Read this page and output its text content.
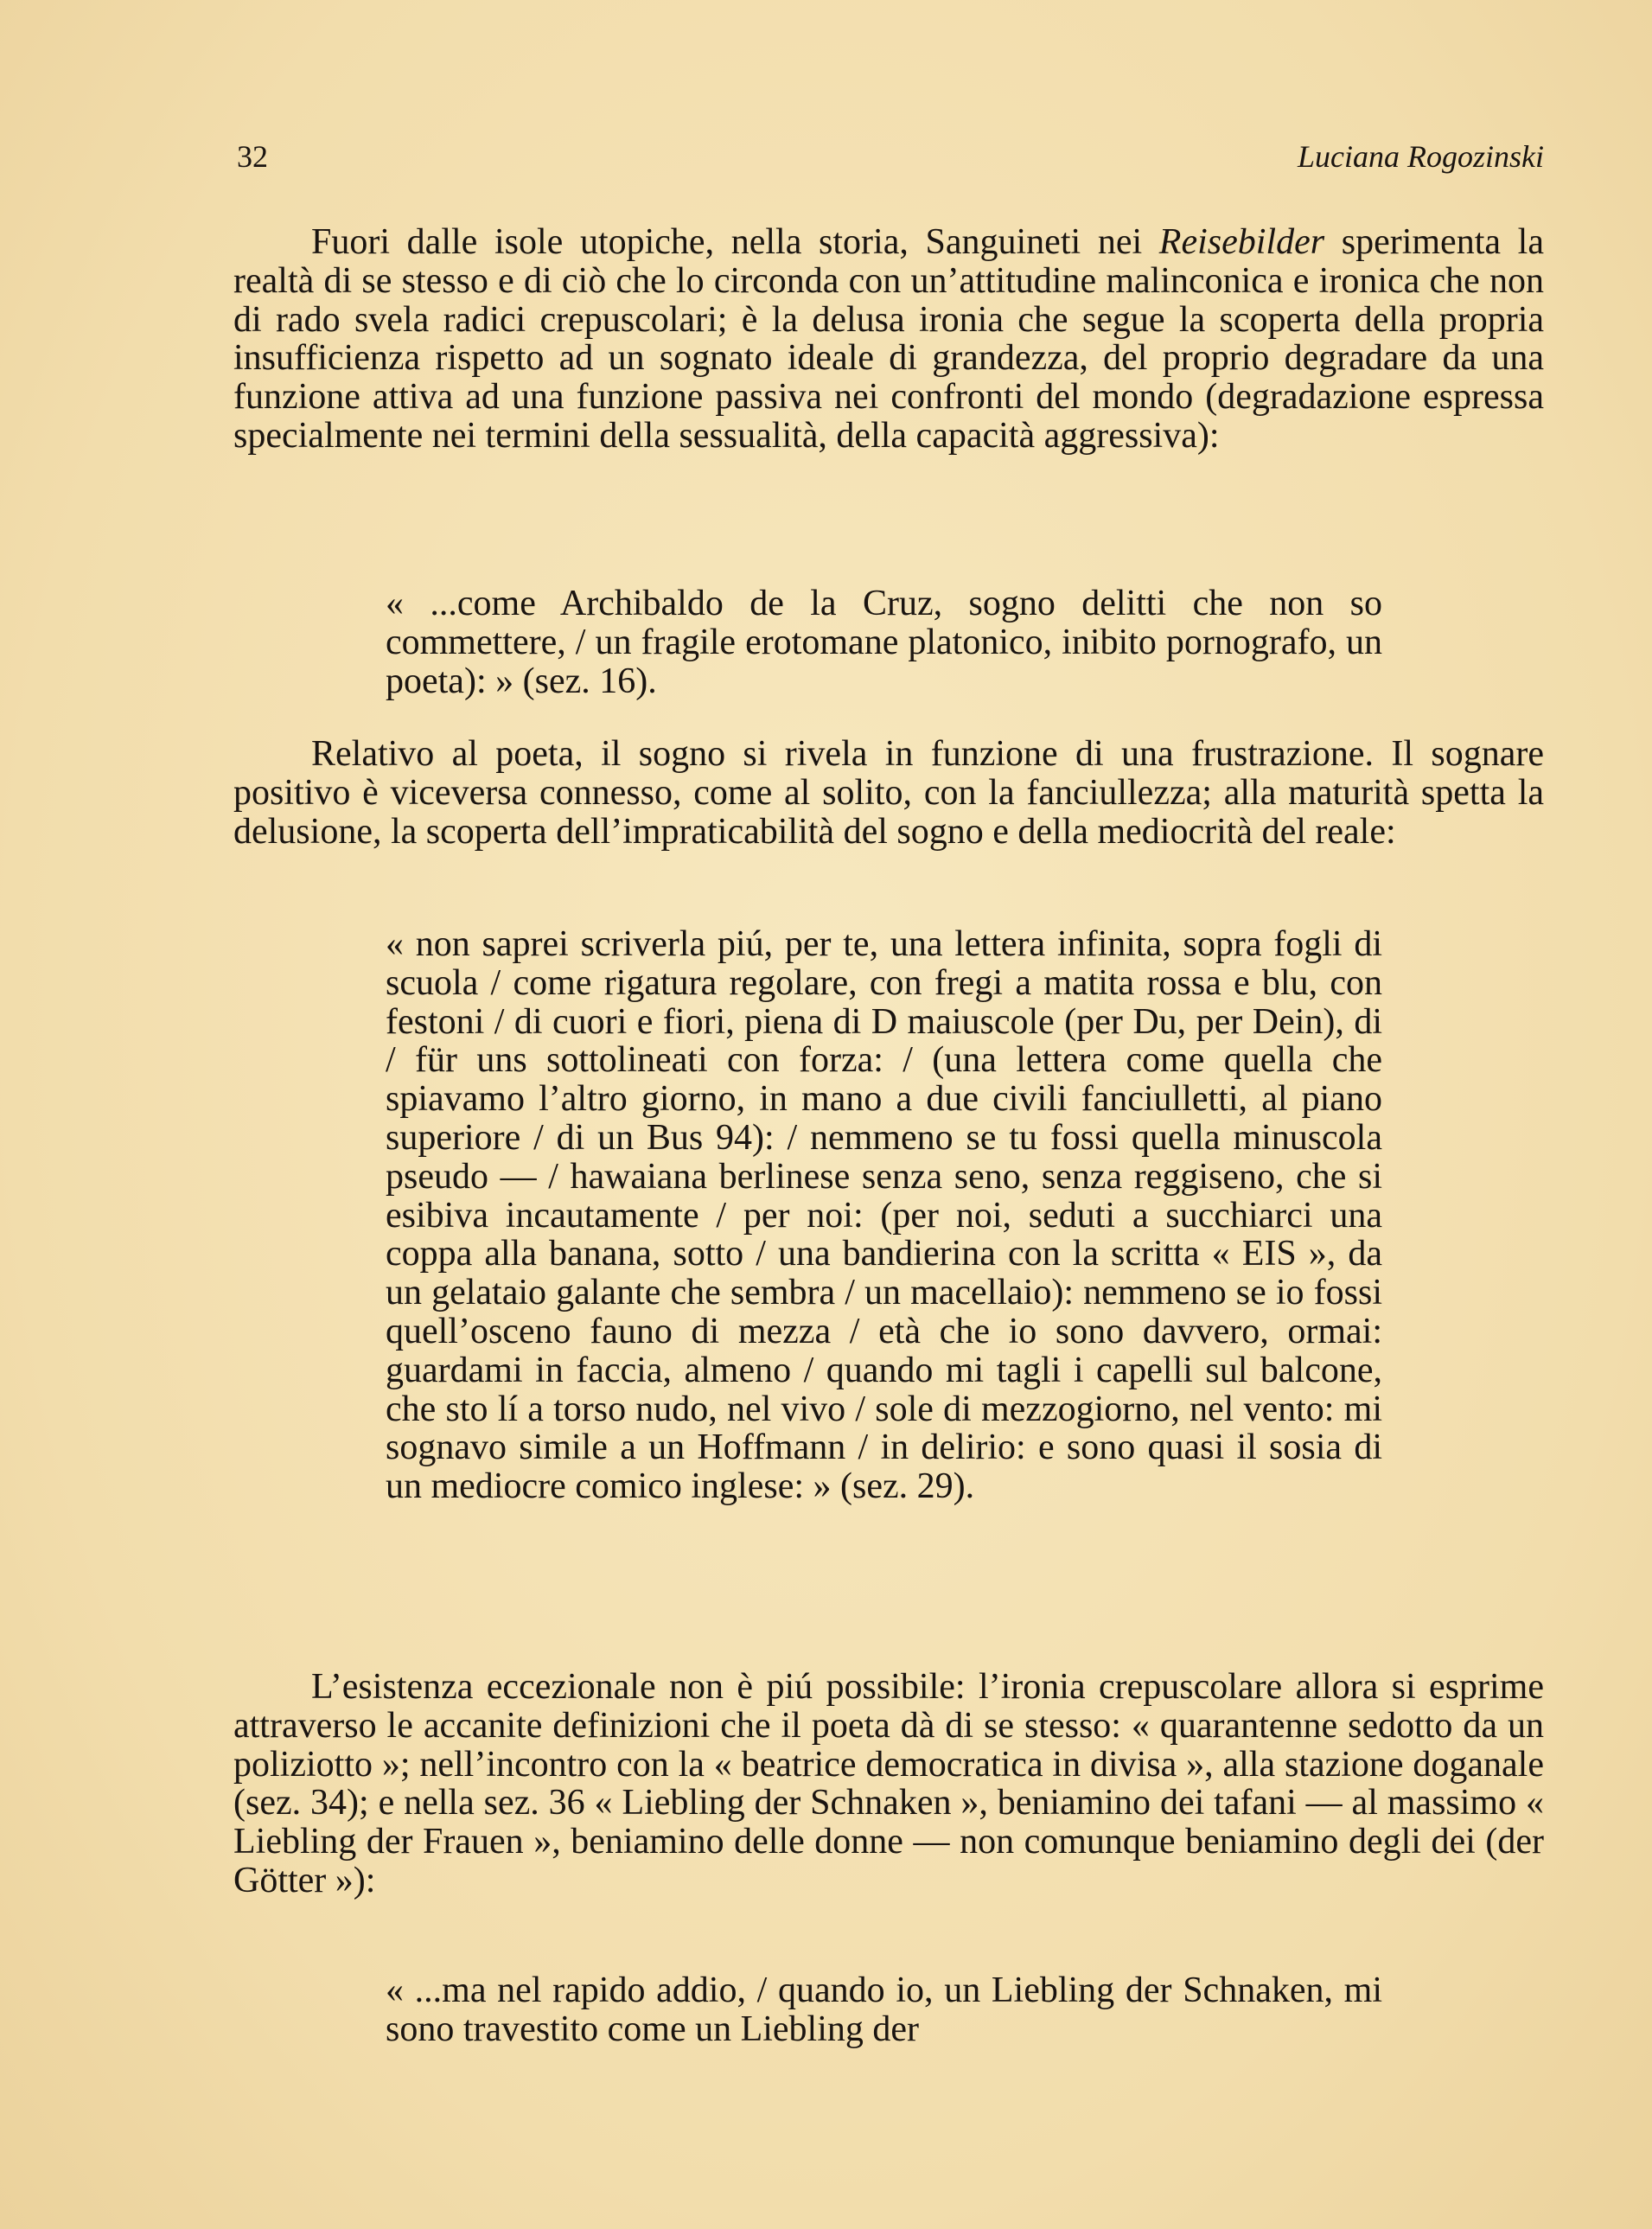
32	Luciana Rogozinski

Fuori dalle isole utopiche, nella storia, Sanguineti nei Reisebilder sperimenta la realtà di se stesso e di ciò che lo circonda con un’attitudine malinconica e ironica che non di rado svela radici crepuscolari; è la delusa ironia che segue la scoperta della propria insufficienza rispetto ad un sognato ideale di grandezza, del proprio degradare da una funzione attiva ad una funzione passiva nei confronti del mondo (degradazione espressa specialmente nei termini della sessualità, della capacità aggressiva):

« ...come Archibaldo de la Cruz, sogno delitti che non so commettere, / un fragile erotomane platonico, inibito pornografo, un poeta): » (sez. 16).

Relativo al poeta, il sogno si rivela in funzione di una frustrazione. Il sognare positivo è viceversa connesso, come al solito, con la fanciullezza; alla maturità spetta la delusione, la scoperta dell’impraticabilità del sogno e della mediocrità del reale:

« non saprei scriverla piú, per te, una lettera infinita, sopra fogli di scuola / come rigatura regolare, con fregi a matita rossa e blu, con festoni / di cuori e fiori, piena di D maiuscole (per Du, per Dein), di / für uns sottolineati con forza: / (una lettera come quella che spiavamo l’altro giorno, in mano a due civili fanciulletti, al piano superiore / di un Bus 94): / nemmeno se tu fossi quella minuscola pseudo — / hawaiana berlinese senza seno, senza reggiseno, che si esibiva incautamente / per noi: (per noi, seduti a succhiarci una coppa alla banana, sotto / una bandierina con la scritta « EIS », da un gelataio galante che sembra / un macellaio): nemmeno se io fossi quell’osceno fauno di mezza / età che io sono davvero, ormai: guardami in faccia, almeno / quando mi tagli i capelli sul balcone, che sto lí a torso nudo, nel vivo / sole di mezzogiorno, nel vento: mi sognavo simile a un Hoffmann / in delirio: e sono quasi il sosia di un mediocre comico inglese: » (sez. 29).

L’esistenza eccezionale non è piú possibile: l’ironia crepuscolare allora si esprime attraverso le accanite definizioni che il poeta dà di se stesso: « quarantenne sedotto da un poliziotto »; nell’incontro con la « beatrice democratica in divisa », alla stazione doganale (sez. 34); e nella sez. 36 « Liebling der Schnaken », beniamino dei tafani — al massimo « Liebling der Frauen », beniamino delle donne — non comunque beniamino degli dei (der Götter »):

« ...ma nel rapido addio, / quando io, un Liebling der Schnaken, mi sono travestito come un Liebling der
